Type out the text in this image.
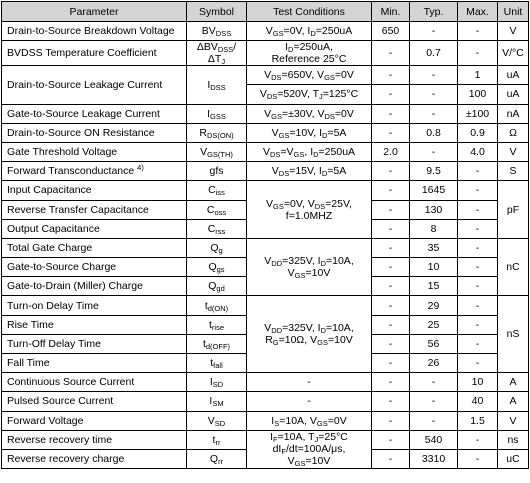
Parameter	Symbol	Test Conditions	Min.	Typ.	Max.	Unit

Drain-to-Source Breakdown Voltage	$BV_{DSS}$	$V_{GS}=0V$, $I_D=250uA$	650	-	-	V

BVDSS Temperature Coefficient	$\Delta BV_{DSS}/$
$\Delta T_J$	$I_D=250uA$,
Reference 25°C	-	0.7	-	V/°C

Drain-to-Source Leakage Current	$I_{DSS}$	$V_{DS}=650V$, $V_{GS}=0V$	-	-	1	uA

		$V_{DS}=520V$, $T_J=125^\circ C$	-	-	100	uA

Gate-to-Source Leakage Current	$I_{GSS}$	$V_{GS}=\pm 30V$, $V_{DS}=0V$	-	-	±100	nA

Drain-to-Source ON Resistance	$R_{DS(ON)}$	$V_{GS}=10V$, $I_D=5A$	-	0.8	0.9	Ω

Gate Threshold Voltage	$V_{GS(TH)}$	$V_{DS}=V_{GS}$, $I_D=250uA$	2.0	-	4.0	V

Forward Transconductance $^{4)}$	gfs	$V_{DS}=15V$, $I_D=5A$	-	9.5	-	S

Input Capacitance	$C_{iss}$	$V_{GS}=0V$, $V_{DS}=25V$,
f=1.0MHZ	-	1645	-	pF

Reverse Transfer Capacitance	$C_{oss}$		-	130	-	

Output Capacitance	$C_{rss}$		-	8	-	

Total Gate Charge	$Q_g$	$V_{DD}=325V$, $I_D=10A$,
$V_{GS}=10V$	-	35	-	nC

Gate-to-Source Charge	$Q_{gs}$		-	10	-	

Gate-to-Drain (Miller) Charge	$Q_{gd}$		-	15	-	

Turn-on Delay Time	$t_{d(ON)}$	$V_{DD}=325V$, $I_D=10A$,
$R_G=10\Omega$, $V_{GS}=10V$	-	29	-	nS

Rise Time	$t_{rise}$		-	25	-	

Turn-Off Delay Time	$t_{d(OFF)}$		-	56	-	

Fall Time	$t_{fall}$		-	26	-	

Continuous Source Current	$I_{SD}$	-	-	-	10	A

Pulsed Source Current	$I_{SM}$	-	-	-	40	A

Forward Voltage	$V_{SD}$	$I_S=10A$, $V_{GS}=0V$	-	-	1.5	V

Reverse recovery time	$t_{rr}$	$I_F=10A$, $T_J=25^\circ C$
$dI_F/dt=100A/\mu s$,
$V_{GS}=10V$	-	540	-	ns

Reverse recovery charge	$Q_{rr}$		-	3310	-	uC
